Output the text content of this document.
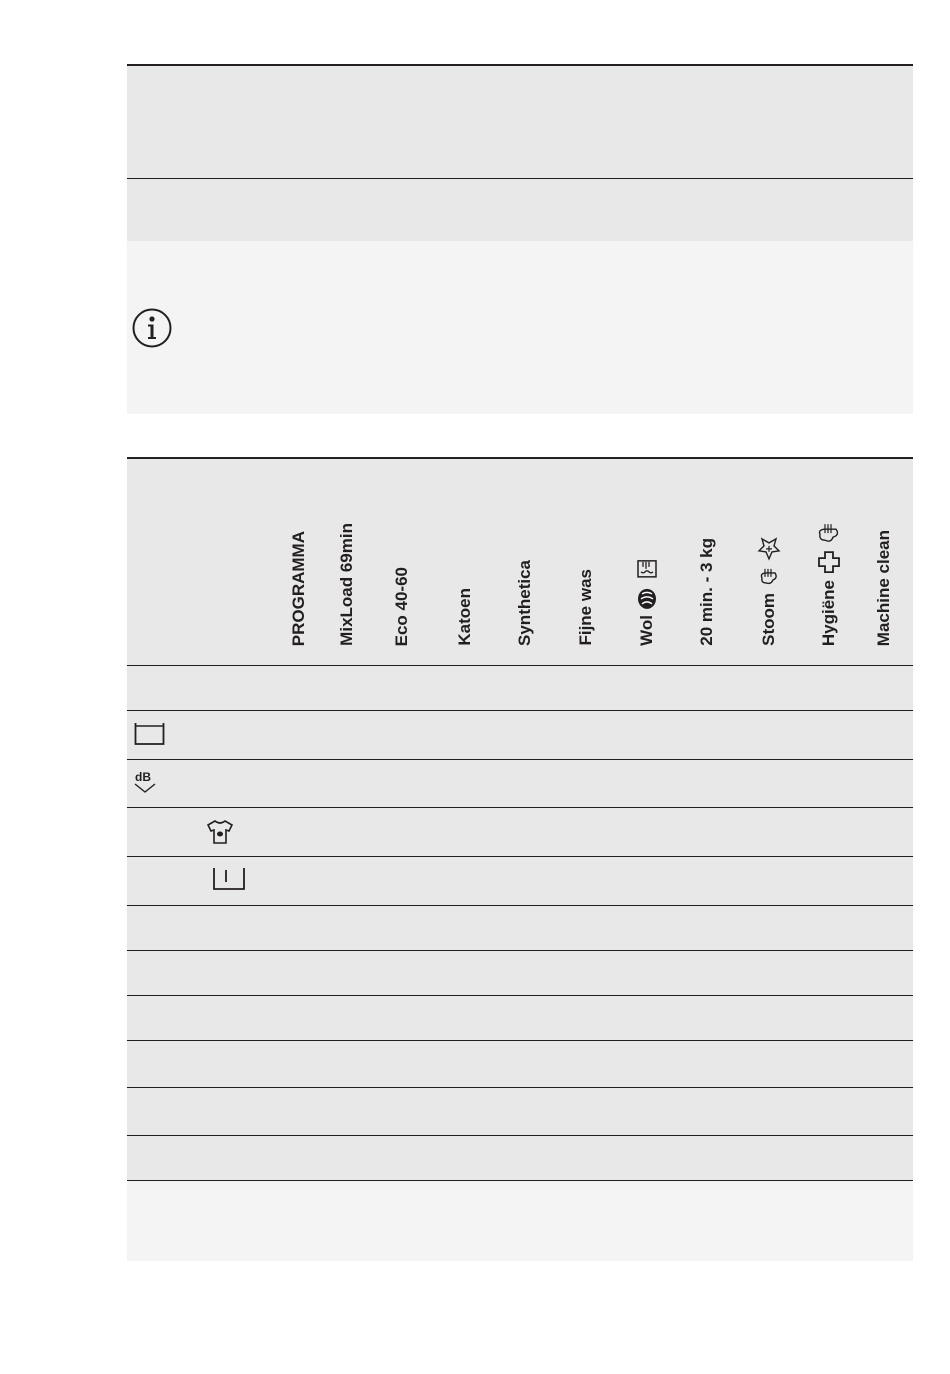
PROGRAMMA MixLoad 69min Eco 40-60	Katoen Synthetica Fijne was Wol 20 min. - 3 kg	Stoom Hygiëne Machine clean
dB
